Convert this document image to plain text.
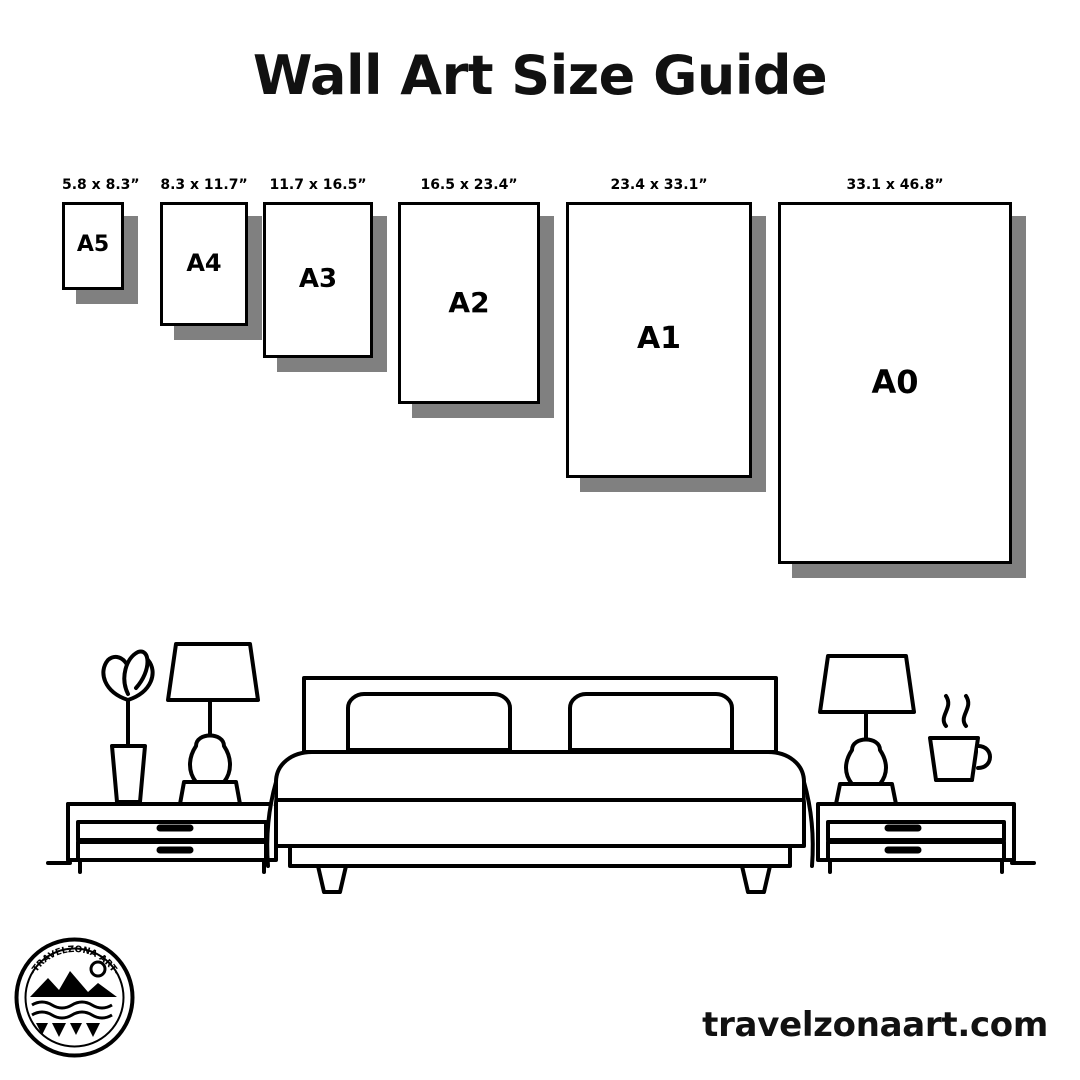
Wall Art Size Guide
A5
5.8 x 8.3”
A4
8.3 x 11.7”
A3
11.7 x 16.5”
A2
16.5 x 23.4”
A1
23.4 x 33.1”
A0
33.1 x 46.8”
·TRAVELZONA ART·
travelzonaart.com
